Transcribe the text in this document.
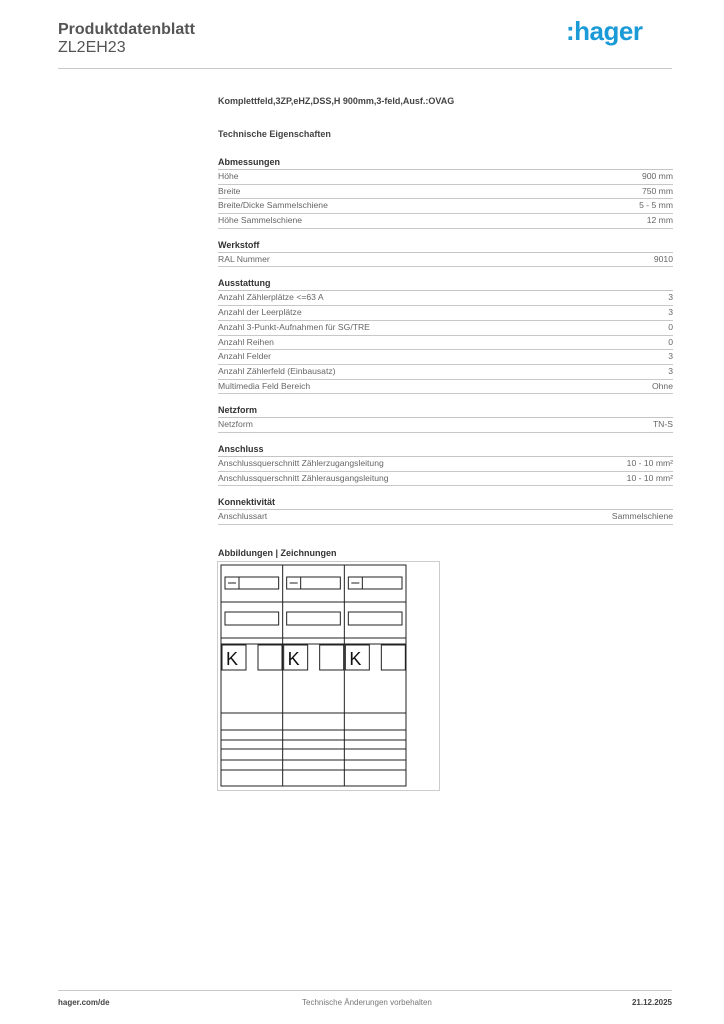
Produktdatenblatt
ZL2EH23
:hager
Komplettfeld,3ZP,eHZ,DSS,H 900mm,3-feld,Ausf.:OVAG
Technische Eigenschaften
Abmessungen
Höhe	900 mm
Breite	750 mm
Breite/Dicke Sammelschiene	5 - 5 mm
Höhe Sammelschiene	12 mm
Werkstoff
RAL Nummer	9010
Ausstattung
Anzahl Zählerplätze <=63 A	3
Anzahl der Leerplätze	3
Anzahl 3-Punkt-Aufnahmen für SG/TRE	0
Anzahl Reihen	0
Anzahl Felder	3
Anzahl Zählerfeld (Einbausatz)	3
Multimedia Feld Bereich	Ohne
Netzform
Netzform	TN-S
Anschluss
Anschlussquerschnitt Zählerzugangsleitung	10 - 10 mm²
Anschlussquerschnitt Zählerausgangsleitung	10 - 10 mm²
Konnektivität
Anschlussart	Sammelschiene
Abbildungen | Zeichnungen
K	K	K
hager.com/de	Technische Änderungen vorbehalten	21.12.2025
